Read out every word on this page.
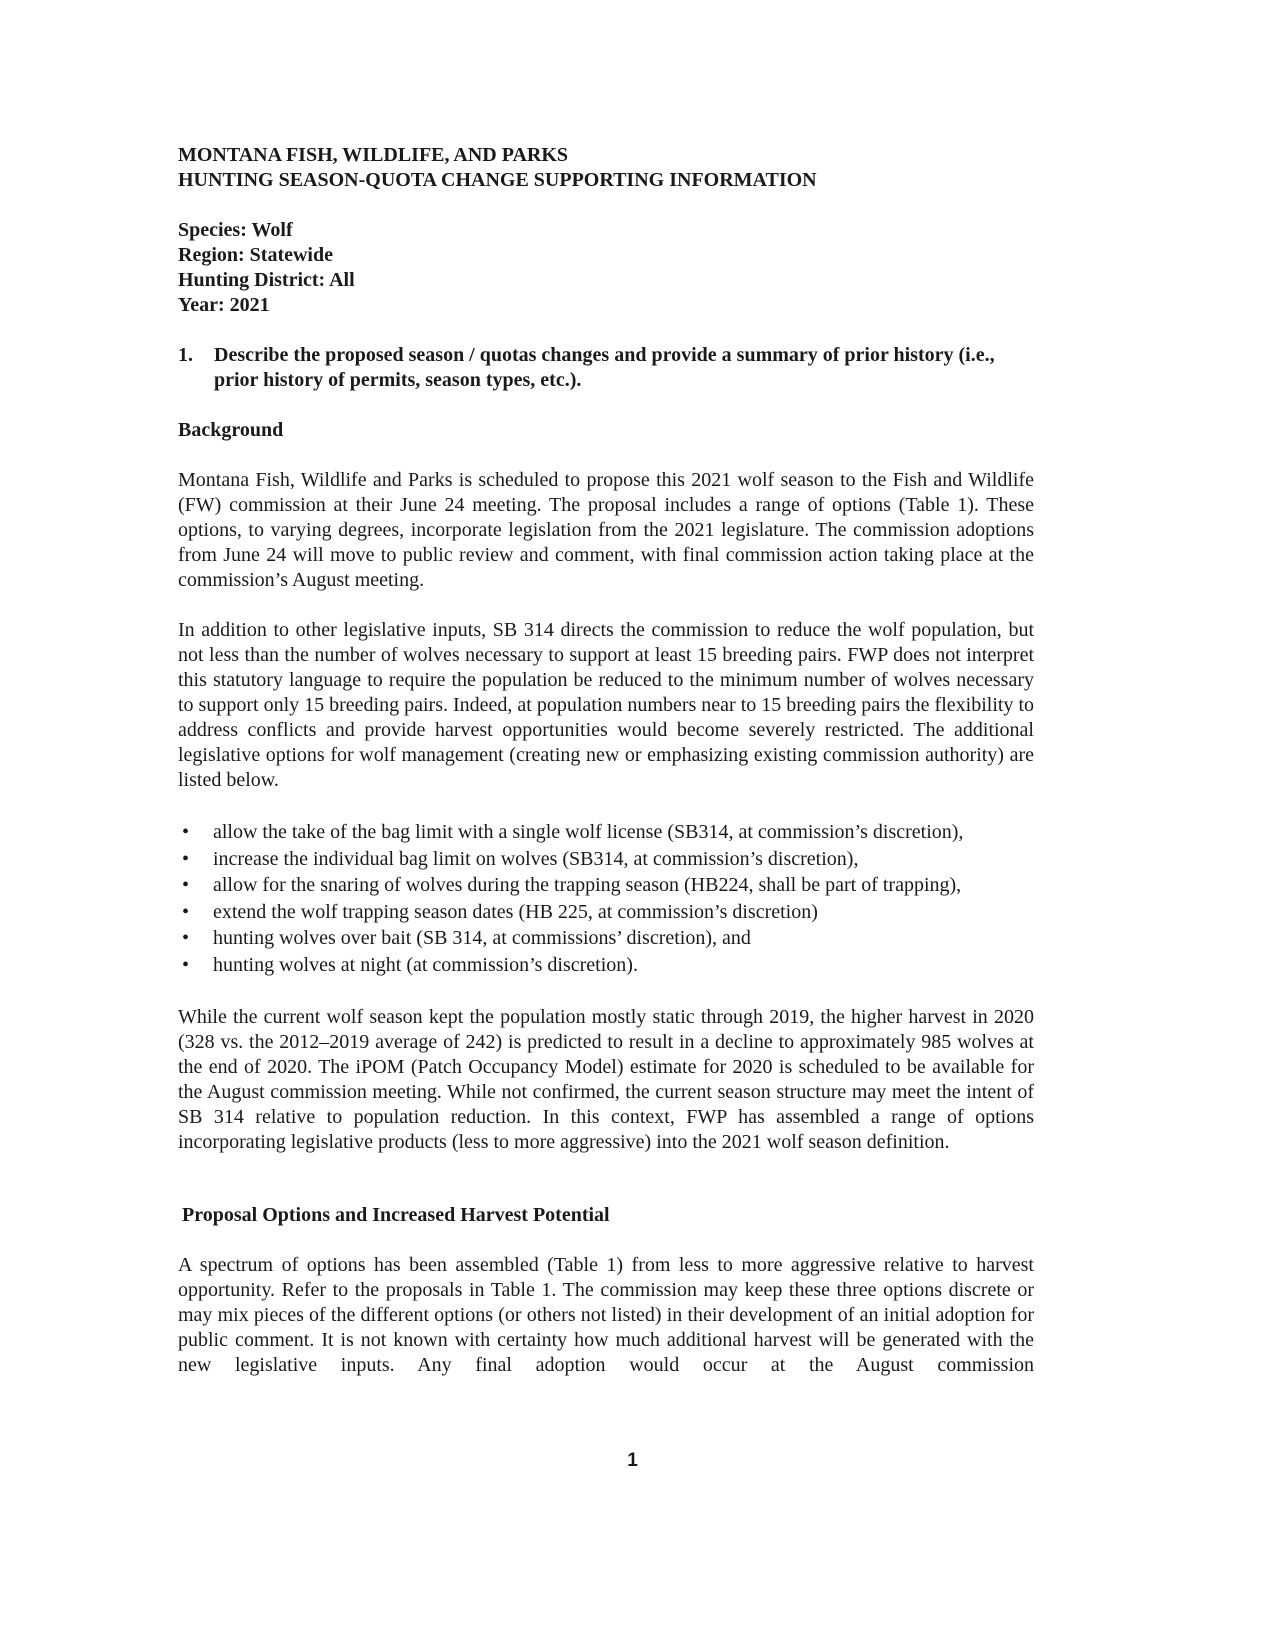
MONTANA FISH, WILDLIFE, AND PARKS
HUNTING SEASON-QUOTA CHANGE SUPPORTING INFORMATION
Species: Wolf
Region: Statewide
Hunting District: All
Year: 2021
1.	Describe the proposed season / quotas changes and provide a summary of prior history (i.e., prior history of permits, season types, etc.).
Background
Montana Fish, Wildlife and Parks is scheduled to propose this 2021 wolf season to the Fish and Wildlife (FW) commission at their June 24 meeting. The proposal includes a range of options (Table 1). These options, to varying degrees, incorporate legislation from the 2021 legislature. The commission adoptions from June 24 will move to public review and comment, with final commission action taking place at the commission’s August meeting.
In addition to other legislative inputs, SB 314 directs the commission to reduce the wolf population, but not less than the number of wolves necessary to support at least 15 breeding pairs. FWP does not interpret this statutory language to require the population be reduced to the minimum number of wolves necessary to support only 15 breeding pairs. Indeed, at population numbers near to 15 breeding pairs the flexibility to address conflicts and provide harvest opportunities would become severely restricted. The additional legislative options for wolf management (creating new or emphasizing existing commission authority) are listed below.
•	allow the take of the bag limit with a single wolf license (SB314, at commission’s discretion),
•	increase the individual bag limit on wolves (SB314, at commission’s discretion),
•	allow for the snaring of wolves during the trapping season (HB224, shall be part of trapping),
•	extend the wolf trapping season dates (HB 225, at commission’s discretion)
•	hunting wolves over bait (SB 314, at commissions’ discretion), and
•	hunting wolves at night (at commission’s discretion).
While the current wolf season kept the population mostly static through 2019, the higher harvest in 2020 (328 vs. the 2012–2019 average of 242) is predicted to result in a decline to approximately 985 wolves at the end of 2020. The iPOM (Patch Occupancy Model) estimate for 2020 is scheduled to be available for the August commission meeting. While not confirmed, the current season structure may meet the intent of SB 314 relative to population reduction. In this context, FWP has assembled a range of options incorporating legislative products (less to more aggressive) into the 2021 wolf season definition.
Proposal Options and Increased Harvest Potential
A spectrum of options has been assembled (Table 1) from less to more aggressive relative to harvest opportunity. Refer to the proposals in Table 1. The commission may keep these three options discrete or may mix pieces of the different options (or others not listed) in their development of an initial adoption for public comment. It is not known with certainty how much additional harvest will be generated with the new legislative inputs. Any final adoption would occur at the August commission
1
